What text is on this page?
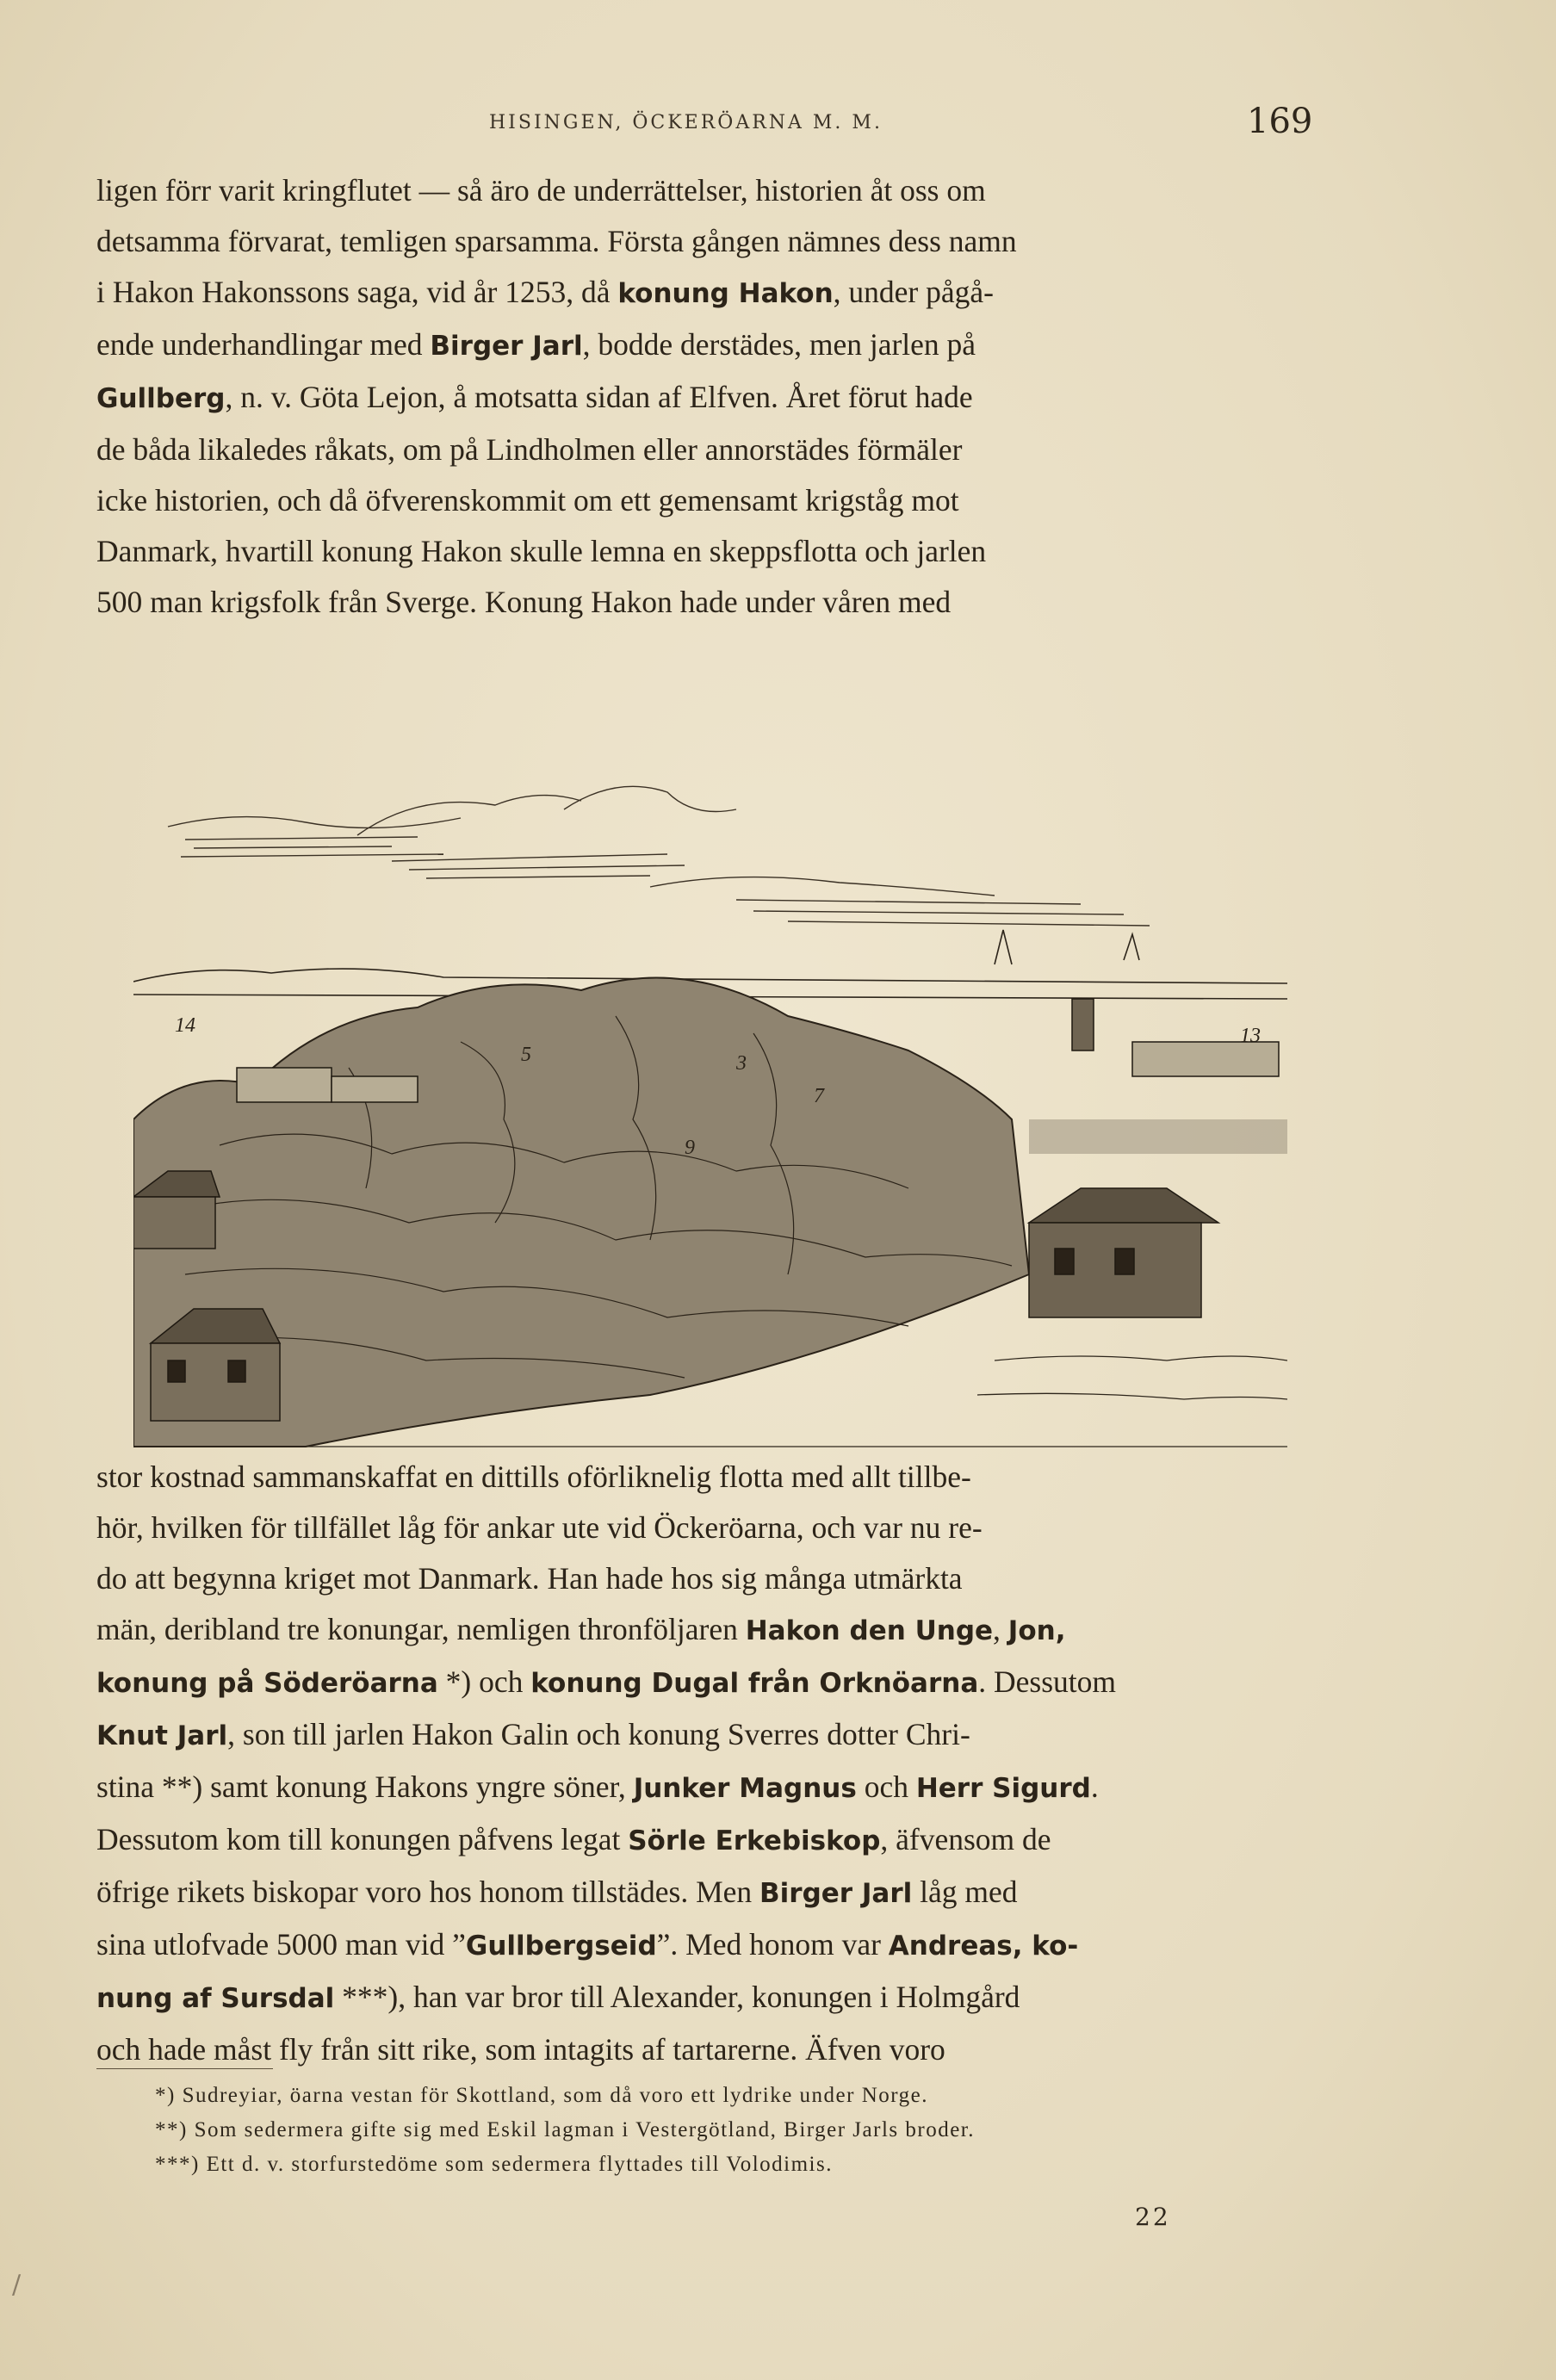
HISINGEN, ÖCKERÖARNA M. M.	169

ligen förr varit kringflutet — så äro de underrättelser, historien åt oss om

detsamma förvarat, temligen sparsamma. Första gången nämnes dess namn

i Hakon Hakonssons saga, vid år 1253, då konung Hakon, under pågå-

ende underhandlingar med Birger Jarl, bodde derstädes, men jarlen på

Gullberg, n. v. Göta Lejon, å motsatta sidan af Elfven. Året förut hade

de båda likaledes råkats, om på Lindholmen eller annorstädes förmäler

icke historien, och då öfverenskommit om ett gemensamt krigståg mot

Danmark, hvartill konung Hakon skulle lemna en skeppsflotta och jarlen

500 man krigsfolk från Sverge. Konung Hakon hade under våren med

14
5	3
7
9
13

stor kostnad sammanskaffat en dittills oförliknelig flotta med allt tillbe-

hör, hvilken för tillfället låg för ankar ute vid Öckeröarna, och var nu re-

do att begynna kriget mot Danmark. Han hade hos sig många utmärkta

män, deribland tre konungar, nemligen thronföljaren Hakon den Unge, Jon,

konung på Söderöarna *) och konung Dugal från Orknöarna. Dessutom

Knut Jarl, son till jarlen Hakon Galin och konung Sverres dotter Chri-

stina **) samt konung Hakons yngre söner, Junker Magnus och Herr Sigurd.

Dessutom kom till konungen påfvens legat Sörle Erkebiskop, äfvensom de

öfrige rikets biskopar voro hos honom tillstädes. Men Birger Jarl låg med

sina utlofvade 5000 man vid ”Gullbergseid”. Med honom var Andreas, ko-

nung af Sursdal ***), han var bror till Alexander, konungen i Holmgård

och hade måst fly från sitt rike, som intagits af tartarerne. Äfven voro

*) Sudreyiar, öarna vestan för Skottland, som då voro ett lydrike under Norge.
**) Som sedermera gifte sig med Eskil lagman i Vestergötland, Birger Jarls broder.
***) Ett d. v. storfurstedöme som sedermera flyttades till Volodimis.
22
/
